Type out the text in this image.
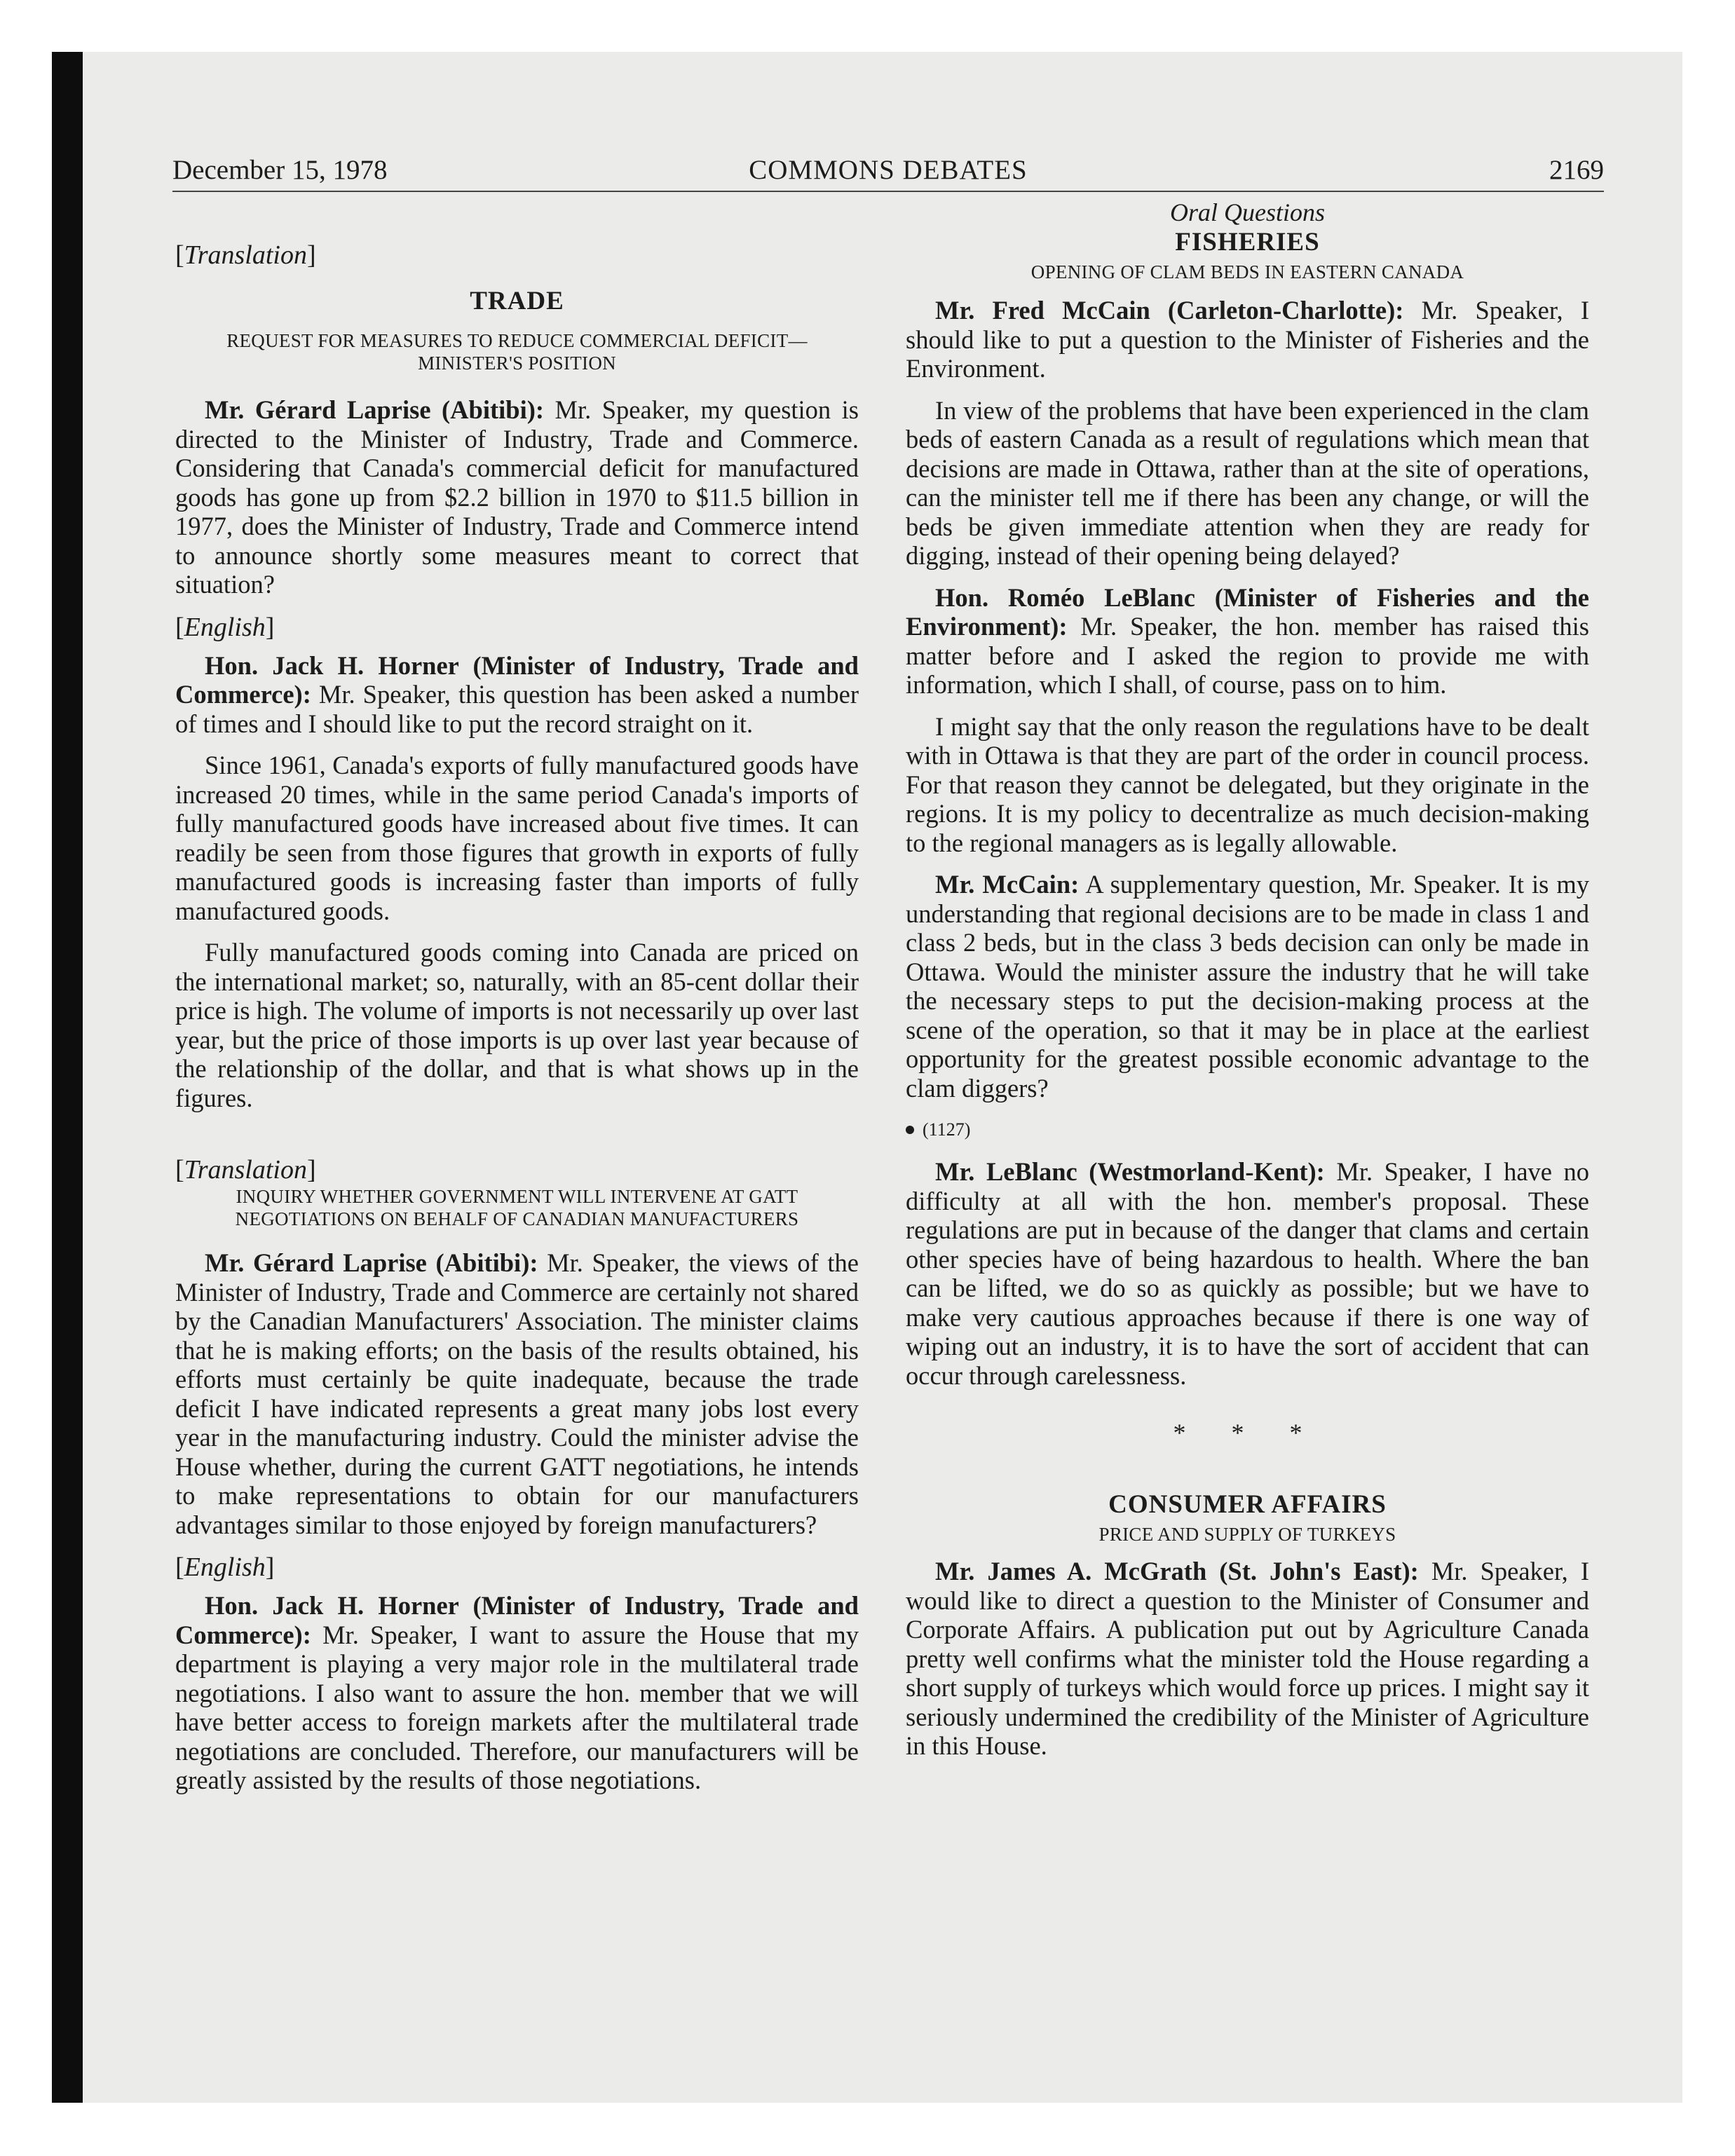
December 15, 1978	COMMONS DEBATES	2169
[Translation]
TRADE
REQUEST FOR MEASURES TO REDUCE COMMERCIAL DEFICIT—
MINISTER'S POSITION

Mr. Gérard Laprise (Abitibi): Mr. Speaker, my question is directed to the Minister of Industry, Trade and Commerce. Considering that Canada's commercial deficit for manufactured goods has gone up from $2.2 billion in 1970 to $11.5 billion in 1977, does the Minister of Industry, Trade and Commerce intend to announce shortly some measures meant to correct that situation?

[English]

Hon. Jack H. Horner (Minister of Industry, Trade and Commerce): Mr. Speaker, this question has been asked a number of times and I should like to put the record straight on it.

Since 1961, Canada's exports of fully manufactured goods have increased 20 times, while in the same period Canada's imports of fully manufactured goods have increased about five times. It can readily be seen from those figures that growth in exports of fully manufactured goods is increasing faster than imports of fully manufactured goods.

Fully manufactured goods coming into Canada are priced on the international market; so, naturally, with an 85-cent dollar their price is high. The volume of imports is not necessarily up over last year, but the price of those imports is up over last year because of the relationship of the dollar, and that is what shows up in the figures.

[Translation]
INQUIRY WHETHER GOVERNMENT WILL INTERVENE AT GATT
NEGOTIATIONS ON BEHALF OF CANADIAN MANUFACTURERS

Mr. Gérard Laprise (Abitibi): Mr. Speaker, the views of the Minister of Industry, Trade and Commerce are certainly not shared by the Canadian Manufacturers' Association. The minister claims that he is making efforts; on the basis of the results obtained, his efforts must certainly be quite inadequate, because the trade deficit I have indicated represents a great many jobs lost every year in the manufacturing industry. Could the minister advise the House whether, during the current GATT negotiations, he intends to make representations to obtain for our manufacturers advantages similar to those enjoyed by foreign manufacturers?

[English]

Hon. Jack H. Horner (Minister of Industry, Trade and Commerce): Mr. Speaker, I want to assure the House that my department is playing a very major role in the multilateral trade negotiations. I also want to assure the hon. member that we will have better access to foreign markets after the multilateral trade negotiations are concluded. Therefore, our manufacturers will be greatly assisted by the results of those negotiations.

Oral Questions
FISHERIES
OPENING OF CLAM BEDS IN EASTERN CANADA

Mr. Fred McCain (Carleton-Charlotte): Mr. Speaker, I should like to put a question to the Minister of Fisheries and the Environment.

In view of the problems that have been experienced in the clam beds of eastern Canada as a result of regulations which mean that decisions are made in Ottawa, rather than at the site of operations, can the minister tell me if there has been any change, or will the beds be given immediate attention when they are ready for digging, instead of their opening being delayed?

Hon. Roméo LeBlanc (Minister of Fisheries and the Environment): Mr. Speaker, the hon. member has raised this matter before and I asked the region to provide me with information, which I shall, of course, pass on to him.

I might say that the only reason the regulations have to be dealt with in Ottawa is that they are part of the order in council process. For that reason they cannot be delegated, but they originate in the regions. It is my policy to decentralize as much decision-making to the regional managers as is legally allowable.

Mr. McCain: A supplementary question, Mr. Speaker. It is my understanding that regional decisions are to be made in class 1 and class 2 beds, but in the class 3 beds decision can only be made in Ottawa. Would the minister assure the industry that he will take the necessary steps to put the decision-making process at the scene of the operation, so that it may be in place at the earliest opportunity for the greatest possible economic advantage to the clam diggers?

(1127)

Mr. LeBlanc (Westmorland-Kent): Mr. Speaker, I have no difficulty at all with the hon. member's proposal. These regulations are put in because of the danger that clams and certain other species have of being hazardous to health. Where the ban can be lifted, we do so as quickly as possible; but we have to make very cautious approaches because if there is one way of wiping out an industry, it is to have the sort of accident that can occur through carelessness.

* * *
CONSUMER AFFAIRS
PRICE AND SUPPLY OF TURKEYS

Mr. James A. McGrath (St. John's East): Mr. Speaker, I would like to direct a question to the Minister of Consumer and Corporate Affairs. A publication put out by Agriculture Canada pretty well confirms what the minister told the House regarding a short supply of turkeys which would force up prices. I might say it seriously undermined the credibility of the Minister of Agriculture in this House.
